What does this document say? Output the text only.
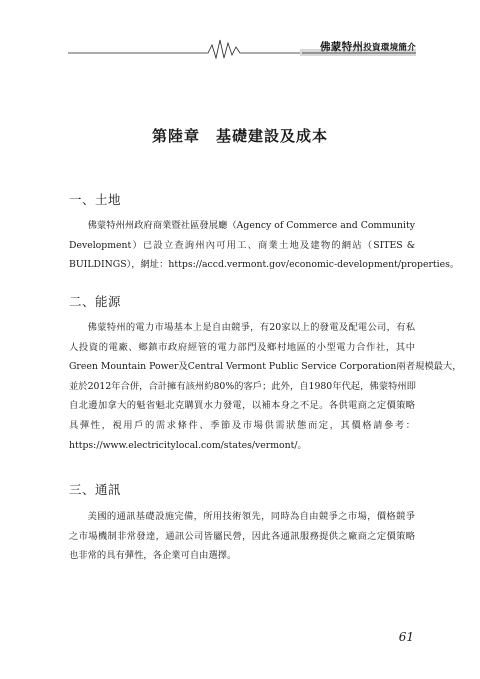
佛蒙特州投資環境簡介
第陸章 基礎建設及成本
一、土地
佛蒙特州州政府商業暨社區發展廳（Agency of Commerce and Community
Development）已設立查詢州內可用工、商業土地及建物的網站（SITES &
BUILDINGS），網址：https://accd.vermont.gov/economic-development/properties。
二、能源
佛蒙特州的電力市場基本上是自由競爭，有20家以上的發電及配電公司，有私
人投資的電廠、鄉鎮市政府經管的電力部門及鄉村地區的小型電力合作社，其中
Green Mountain Power及Central Vermont Public Service Corporation兩者規模最大，
並於2012年合併，合計擁有該州約80%的客戶；此外，自1980年代起，佛蒙特州即
自北邊加拿大的魁省魁北克購買水力發電，以補本身之不足。各供電商之定價策略
具彈性，視用戶的需求條件、季節及市場供需狀態而定，其價格請參考：
https://www.electricitylocal.com/states/vermont/。
三、通訊
美國的通訊基礎設施完備，所用技術領先，同時為自由競爭之市場，價格競爭
之市場機制非常發達，通訊公司皆屬民營，因此各通訊服務提供之廠商之定價策略
也非常的具有彈性，各企業可自由選擇。
61
